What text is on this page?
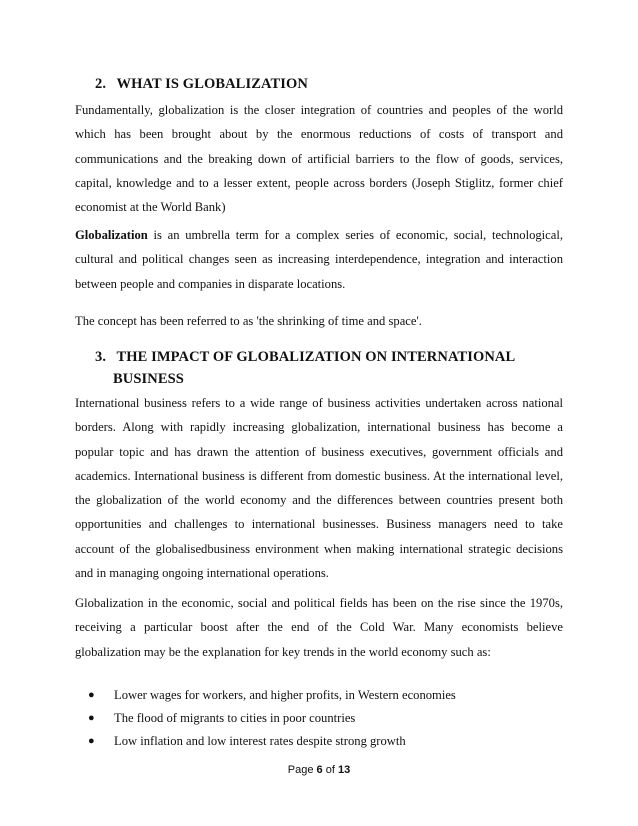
2. WHAT IS GLOBALIZATION

Fundamentally, globalization is the closer integration of countries and peoples of the world which has been brought about by the enormous reductions of costs of transport and communications and the breaking down of artificial barriers to the flow of goods, services, capital, knowledge and to a lesser extent, people across borders (Joseph Stiglitz, former chief economist at the World Bank)

Globalization is an umbrella term for a complex series of economic, social, technological, cultural and political changes seen as increasing interdependence, integration and interaction between people and companies in disparate locations.

The concept has been referred to as 'the shrinking of time and space'.

3. THE IMPACT OF GLOBALIZATION ON INTERNATIONAL
BUSINESS

International business refers to a wide range of business activities undertaken across national borders. Along with rapidly increasing globalization, international business has become a popular topic and has drawn the attention of business executives, government officials and academics. International business is different from domestic business. At the international level, the globalization of the world economy and the differences between countries present both opportunities and challenges to international businesses. Business managers need to take account of the globalisedbusiness environment when making international strategic decisions and in managing ongoing international operations.

Globalization in the economic, social and political fields has been on the rise since the 1970s, receiving a particular boost after the end of the Cold War. Many economists believe globalization may be the explanation for key trends in the world economy such as:

● Lower wages for workers, and higher profits, in Western economies
● The flood of migrants to cities in poor countries
● Low inflation and low interest rates despite strong growth
Page 6 of 13
